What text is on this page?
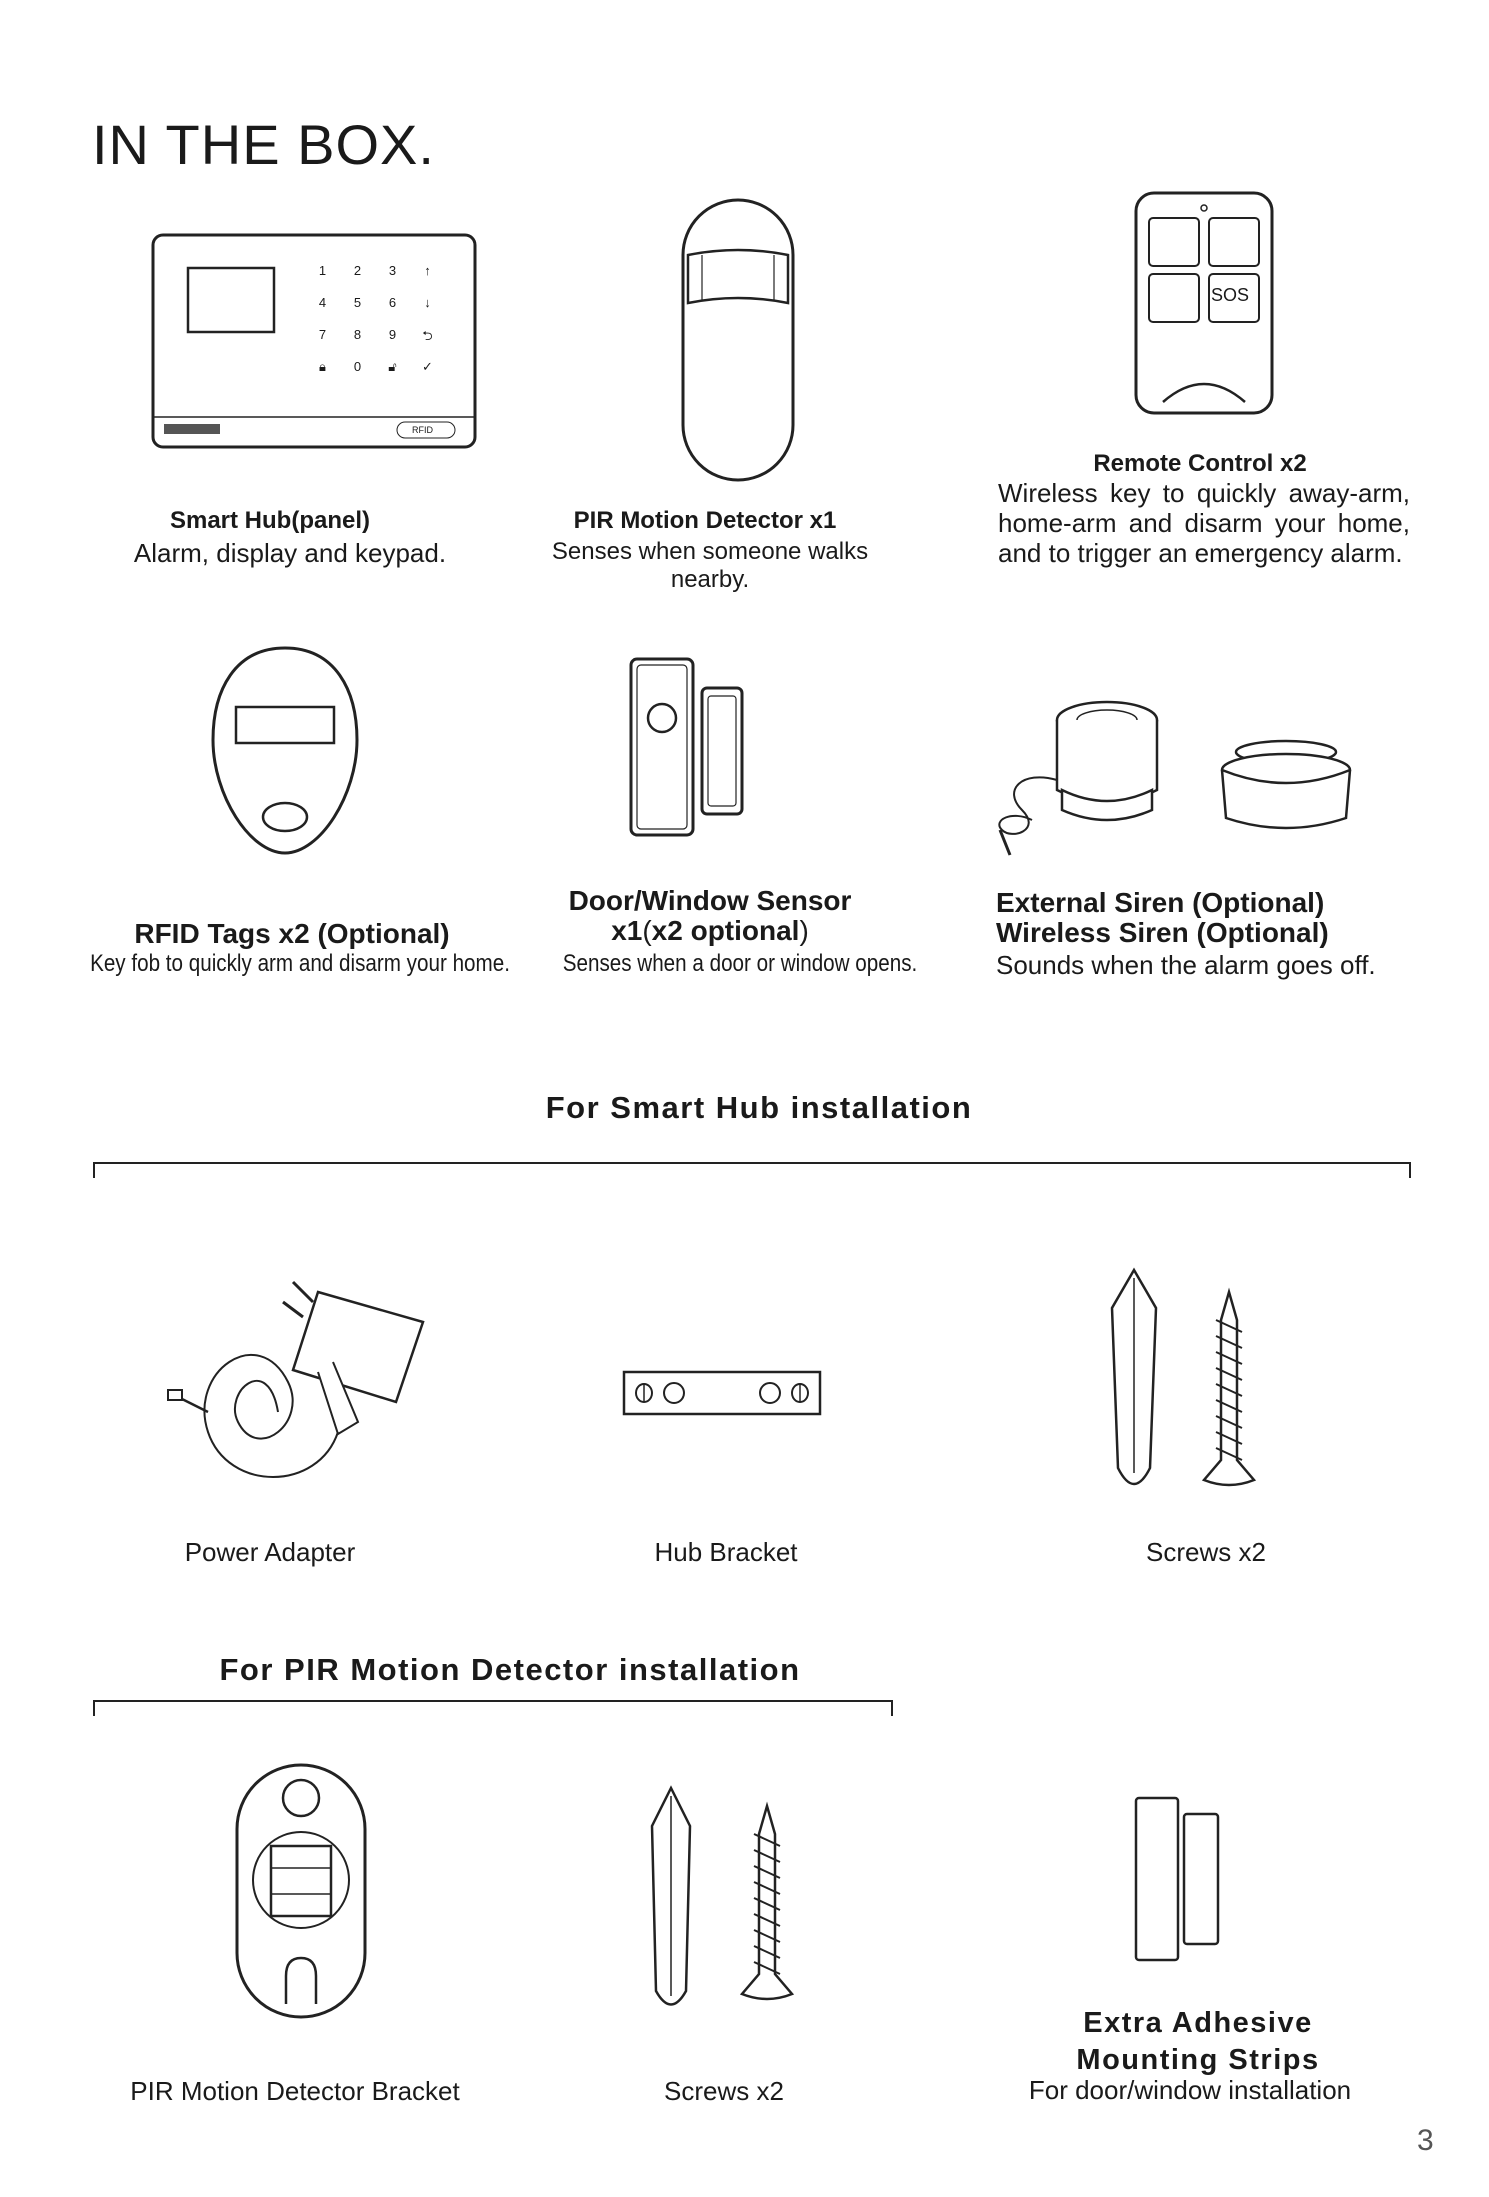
IN THE BOX.
1	2	3	↑
4	5	6	↓
7	8	9	⮌
🔒︎	0	🔓︎	✓
RFID
SOS
Smart Hub(panel)
Alarm, display and keypad.
PIR Motion Detector x1
Senses when someone walks nearby.
Remote Control x2
Wireless key to quickly away-arm,
home-arm and disarm your home,
and to trigger an emergency alarm.
RFID Tags x2 (Optional)
Key fob to quickly arm and disarm your home.
Door/Window Sensor
x1(x2 optional)
Senses when a door or window opens.
External Siren (Optional)
Wireless Siren (Optional)
Sounds when the alarm goes off.
For Smart Hub installation
Power Adapter	Hub Bracket	Screws x2
For PIR Motion Detector installation
PIR Motion Detector Bracket	Screws x2
Extra Adhesive
Mounting Strips
For door/window installation
3
